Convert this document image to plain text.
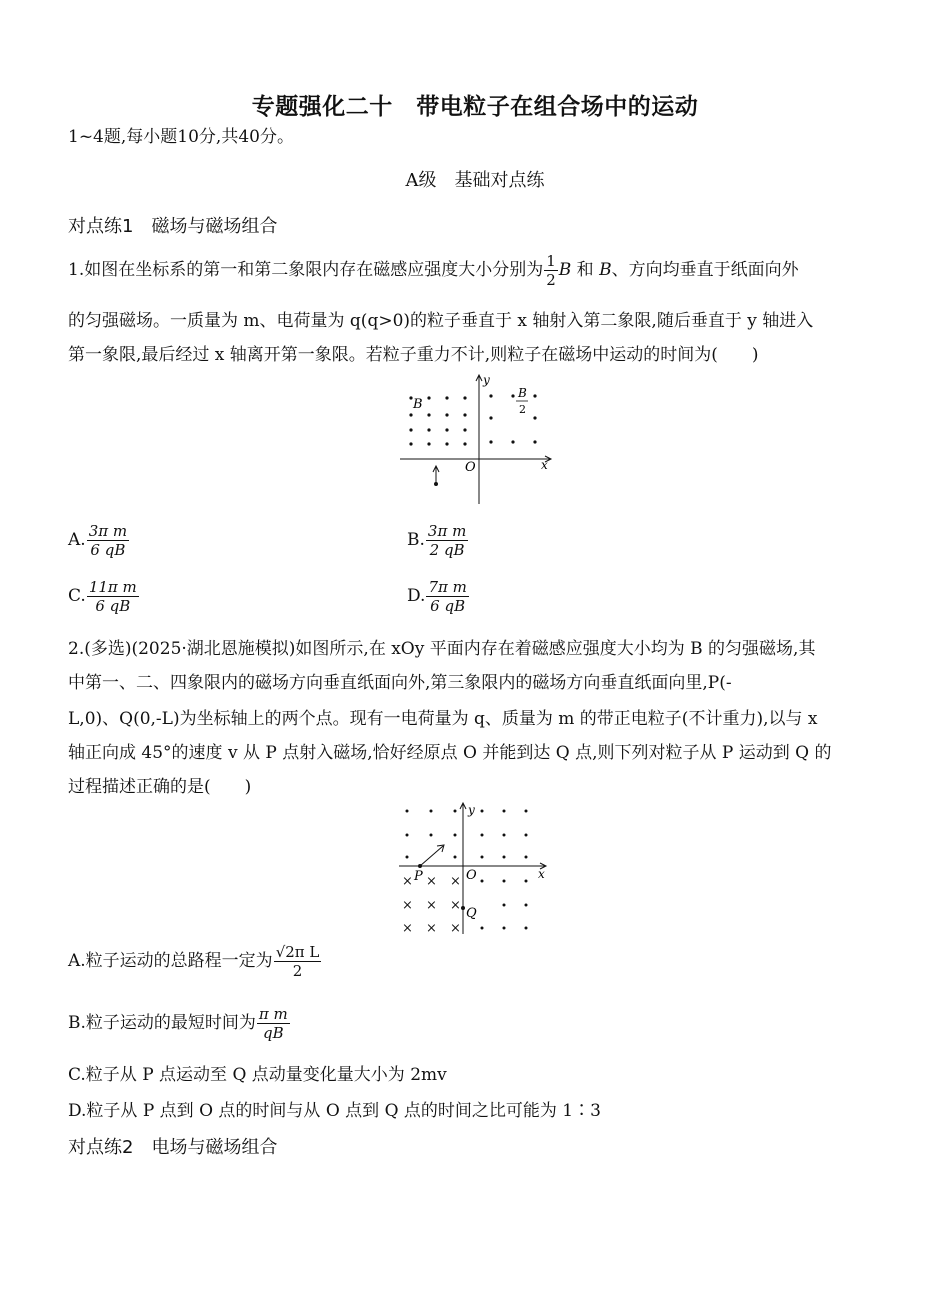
专题强化二十　带电粒子在组合场中的运动
1~4题,每小题10分,共40分。
A级　基础对点练
对点练1　磁场与磁场组合
1.如图在坐标系的第一和第二象限内存在磁感应强度大小分别为 $\frac{1}{2}$ B 和 B、方向均垂直于纸面向外
的匀强磁场。一质量为 m、电荷量为 q(q>0)的粒子垂直于 x 轴射入第二象限,随后垂直于 y 轴进入
第一象限,最后经过 x 轴离开第一象限。若粒子重力不计,则粒子在磁场中运动的时间为(　　)
y
x
O
B
B
2
A. $\frac{\text{3π m}}{6 qB}$	B. $\frac{\text{3π m}}{2 qB}$
C. $\frac{\text{11π m}}{6 qB}$	D. $\frac{\text{7π m}}{6 qB}$
2.(多选)(2025·湖北恩施模拟)如图所示,在 xOy 平面内存在着磁感应强度大小均为 B 的匀强磁场,其
中第一、二、四象限内的磁场方向垂直纸面向外,第三象限内的磁场方向垂直纸面向里,P(-
L,0)、Q(0,-L)为坐标轴上的两个点。现有一电荷量为 q、质量为 m 的带正电粒子(不计重力),以与 x
轴正向成 45°的速度 v 从 P 点射入磁场,恰好经原点 O 并能到达 Q 点,则下列对粒子从 P 运动到 Q 的
过程描述正确的是(　　)
× × ×
× × ×
× × ×
y
x
O
P
Q
A.粒子运动的总路程一定为 $\frac{\text{√2π L}}{2}$
B.粒子运动的最短时间为 $\frac{\text{π m}}{qB}$
C.粒子从 P 点运动至 Q 点动量变化量大小为 2mv
D.粒子从 P 点到 O 点的时间与从 O 点到 Q 点的时间之比可能为 1∶3
对点练2　电场与磁场组合
